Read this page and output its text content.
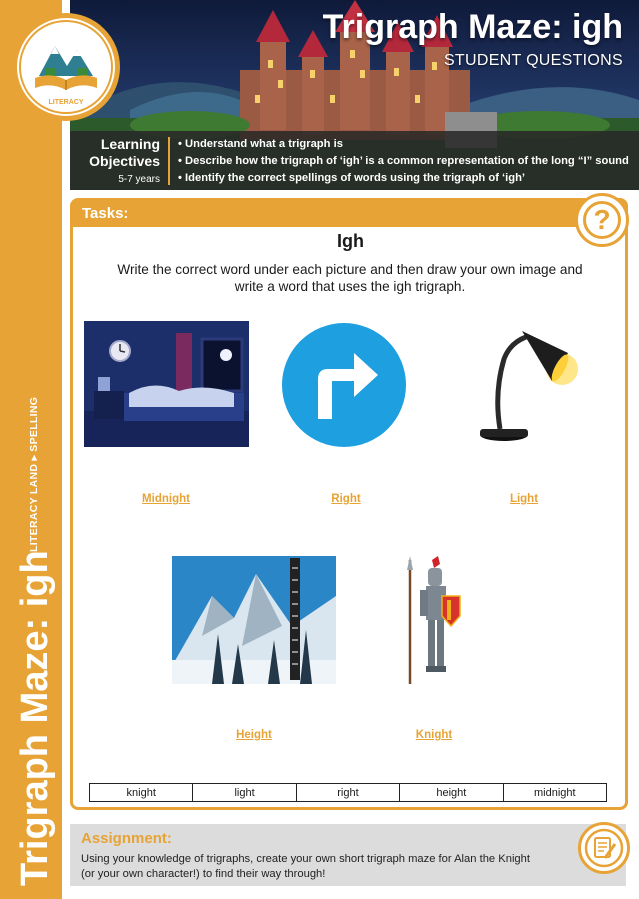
Trigraph Maze: igh
LITERACY LAND ▸ SPELLING
Trigraph Maze: igh
STUDENT QUESTIONS
LITERACY
Learning
Objectives
5-7 years
• Understand what a trigraph is
• Describe how the trigraph of ‘igh’ is a common representation of the long “I” sound
• Identify the correct spellings of words using the trigraph of ‘igh’
Tasks:	?
Igh
Write the correct word under each picture and then draw your own image and
write a word that uses the igh trigraph.
Midnight	Right	Light
Height	Knight
knight	light	right	height	midnight
Assignment:
Using your knowledge of trigraphs, create your own short trigraph maze for Alan the Knight
(or your own character!) to find their way through!
